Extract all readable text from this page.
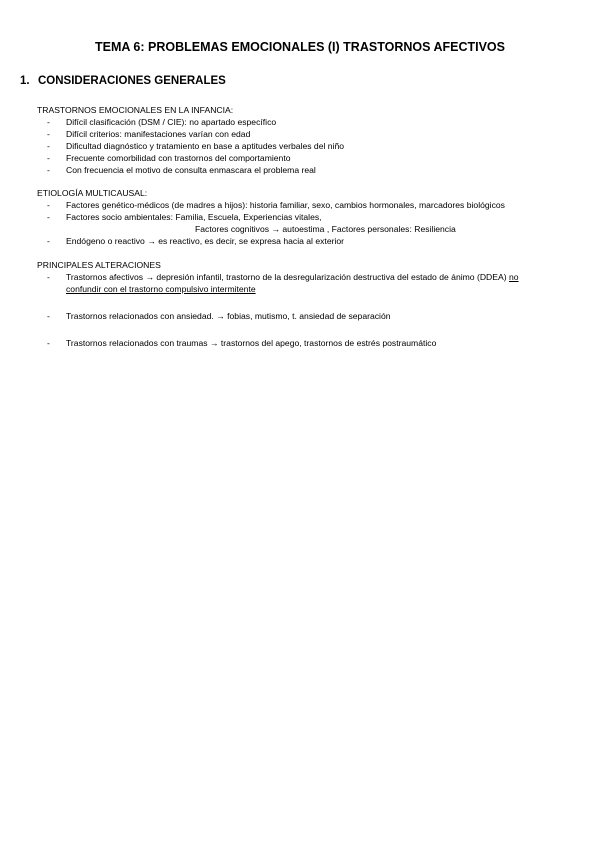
TEMA 6: PROBLEMAS EMOCIONALES (I) TRASTORNOS AFECTIVOS
1. CONSIDERACIONES GENERALES
TRASTORNOS EMOCIONALES EN LA INFANCIA:
- Difícil clasificación (DSM / CIE): no apartado específico
- Difícil criterios: manifestaciones varían con edad
- Dificultad diagnóstico y tratamiento en base a aptitudes verbales del niño
- Frecuente comorbilidad con trastornos del comportamiento
- Con frecuencia el motivo de consulta enmascara el problema real
ETIOLOGÍA MULTICAUSAL:
- Factores genético-médicos (de madres a hijos): historia familiar, sexo, cambios hormonales, marcadores biológicos
- Factores socio ambientales: Familia, Escuela, Experiencias vitales,
Factores cognitivos → autoestima , Factores personales: Resiliencia
- Endógeno o reactivo → es reactivo, es decir, se expresa hacia al exterior
PRINCIPALES ALTERACIONES
- Trastornos afectivos → depresión infantil, trastorno de la desregularización destructiva del estado de ánimo (DDEA) no
confundir con el trastorno compulsivo intermitente
- Trastornos relacionados con ansiedad. → fobias, mutismo, t. ansiedad de separación
- Trastornos relacionados con traumas → trastornos del apego, trastornos de estrés postraumático
